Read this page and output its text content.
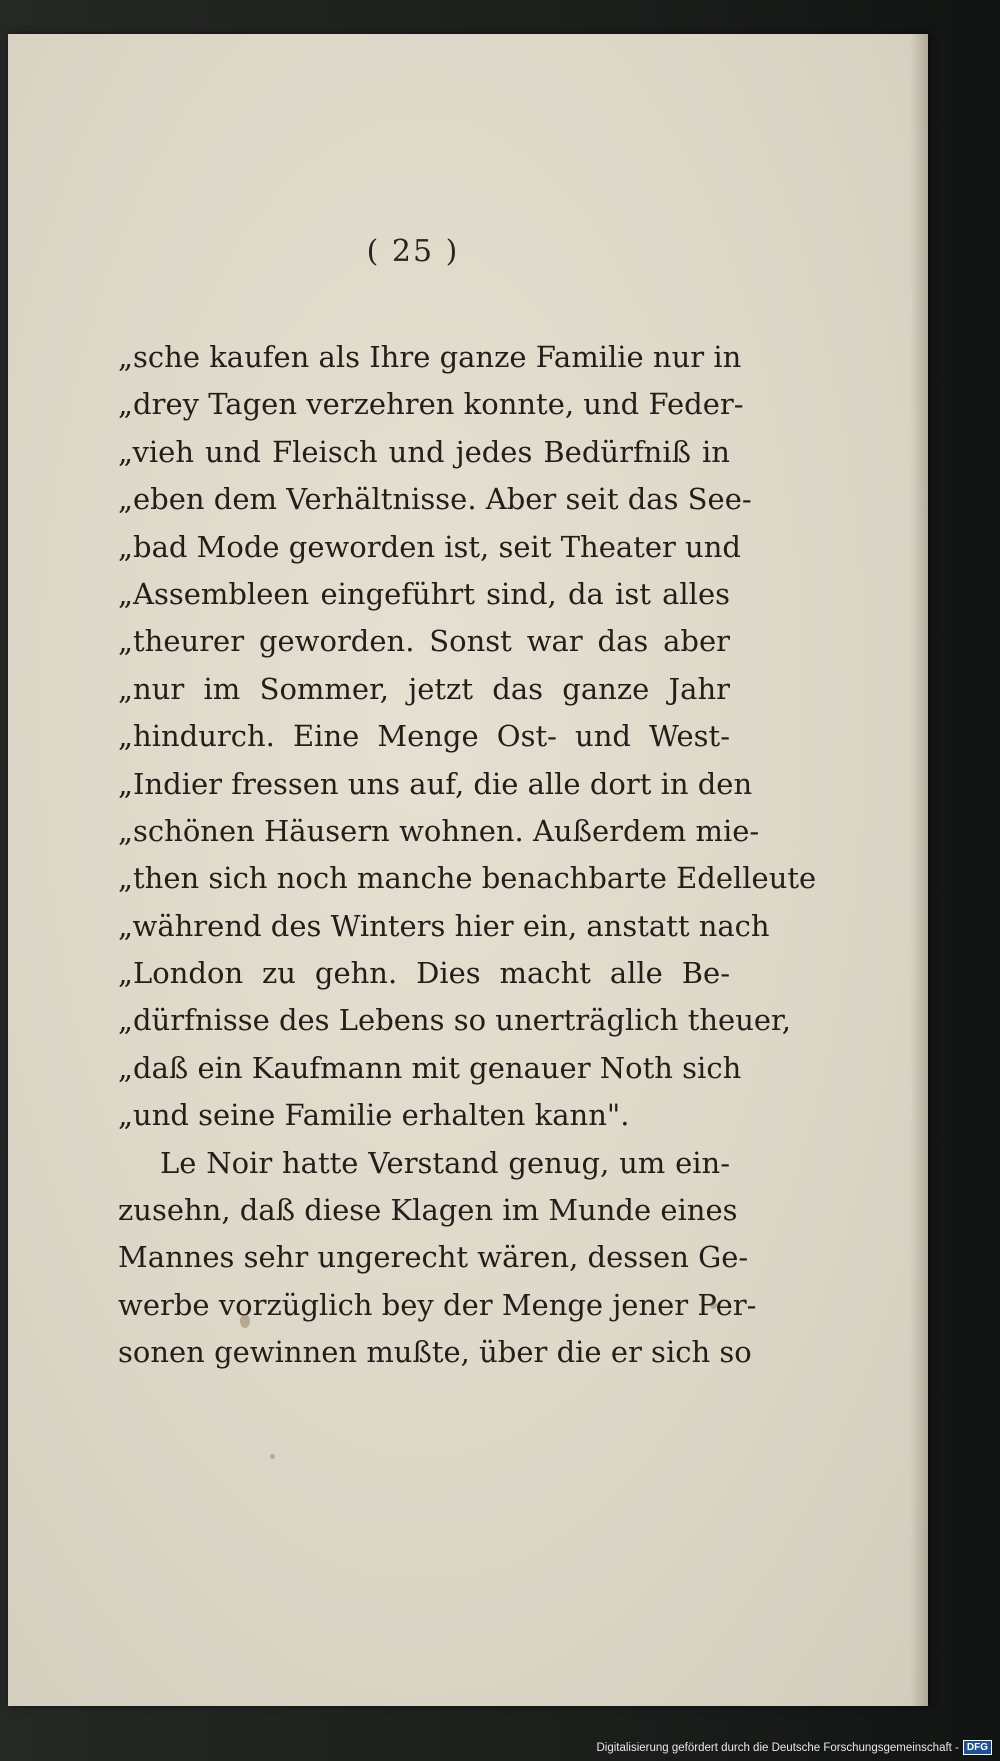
( 25 )
„sche kaufen als Ihre ganze Familie nur in
„drey Tagen verzehren konnte, und Feder-
„vieh und Fleisch und jedes Bedürfniß in
„eben dem Verhältnisse. Aber seit das See-
„bad Mode geworden ist, seit Theater und
„Assembleen eingeführt sind, da ist alles
„theurer geworden. Sonst war das aber
„nur im Sommer, jetzt das ganze Jahr
„hindurch. Eine Menge Ost- und West-
„Indier fressen uns auf, die alle dort in den
„schönen Häusern wohnen. Außerdem mie-
„then sich noch manche benachbarte Edelleute
„während des Winters hier ein, anstatt nach
„London zu gehn. Dies macht alle Be-
„dürfnisse des Lebens so unerträglich theuer,
„daß ein Kaufmann mit genauer Noth sich
„und seine Familie erhalten kann".
Le Noir hatte Verstand genug, um ein-
zusehn, daß diese Klagen im Munde eines
Mannes sehr ungerecht wären, dessen Ge-
werbe vorzüglich bey der Menge jener Per-
sonen gewinnen mußte, über die er sich so
Digitalisierung gefördert durch die Deutsche Forschungsgemeinschaft - DFG
